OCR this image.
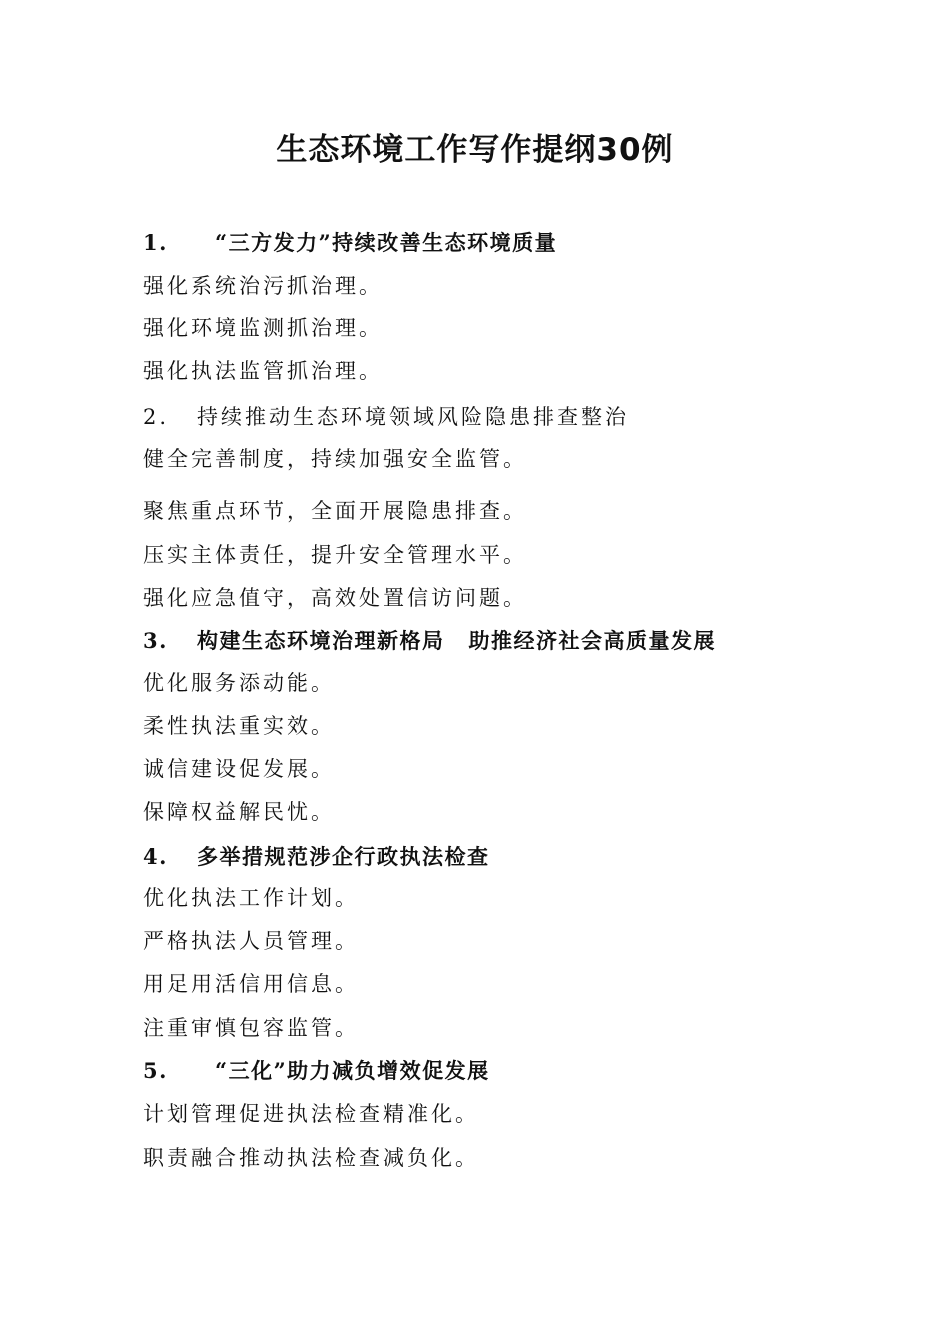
生态环境工作写作提纲30例
1. “三方发力”持续改善生态环境质量
强化系统治污抓治理。
强化环境监测抓治理。
强化执法监管抓治理。
2. 持续推动生态环境领域风险隐患排查整治
健全完善制度，持续加强安全监管。
聚焦重点环节，全面开展隐患排查。
压实主体责任，提升安全管理水平。
强化应急值守，高效处置信访问题。
3. 构建生态环境治理新格局 助推经济社会高质量发展
优化服务添动能。
柔性执法重实效。
诚信建设促发展。
保障权益解民忧。
4. 多举措规范涉企行政执法检查
优化执法工作计划。
严格执法人员管理。
用足用活信用信息。
注重审慎包容监管。
5. “三化”助力减负增效促发展
计划管理促进执法检查精准化。
职责融合推动执法检查减负化。
